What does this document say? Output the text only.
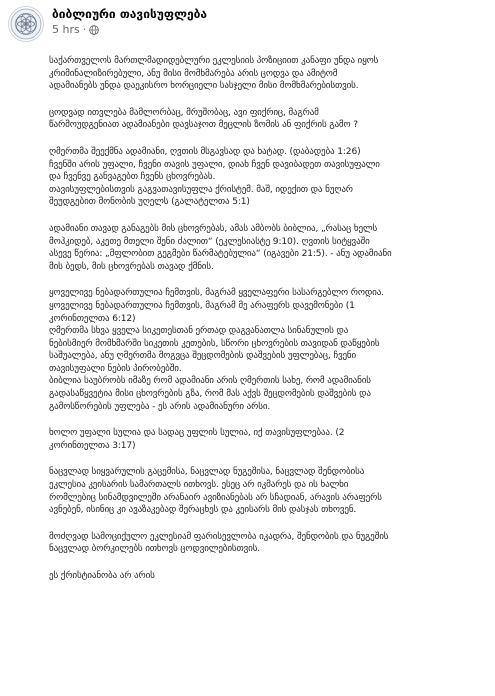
ბიბლიური თავისუფლება
5 hrs ·

საქართველოს მართლმადიდებლური ეკლესიის პოზიციით კანაფი უნდა იყოს
კრიმინალიზირებული, ანუ მისი მომხმარება არის ცოდვა და ამიტომ
ადამიანებს უნდა დაეკისრო ხორციელი სასჯელი მისი მომხმარებისთვის.

ცოდვად ითვლება მამლორბაც, მრუშობაც, ავი ფიქრიც, მაგრამ
წარმოუდგენიათ ადამიანები დავსაჯოთ მეცლის ზომის ან ფიქრის გამო ?

ღმერთმა შეექმნა ადამიანი, ღვთის მსგავსად და ხატად. (დაბადება 1:26)
ჩვენში არის უფალი, ჩვენი თავის უფალი, დიახ ჩვენ დავიბადეთ თავისუფალი
და ჩვენვე განვაგებთ ჩვენს ცხოვრებას.
თავისუფლებისთვის გაგვათავისუფლა ქრისტემ. მაშ, იდექით და ნუღარ
შეუდგებით მონობის უღელს (გალატელთა 5:1)

ადამიანი თავად განაგებს მის ცხოვრებას, ამას ამბობს ბიბლია, „რასაც ხელს
მოჰკიდებ, აკეთე მთელი შენი ძალით“ (ეკლესიასტე 9:10). ღვთის სიტყვაში
ასევე წერია: „მფლობით გეგმები წარმატებულია“ (იგავები 21:5). - ანუ ადამიანი
მის ბედს, მის ცხოვრებას თავად ქმნის.

ყოველივე ნებადართულია ჩემთვის, მაგრამ ყველაფერი სასარგებლო როდია.
ყოველივე ნებადართულია ჩემთვის, მაგრამ მე არაფერს დავემონები (1
კორინთელთა 6:12)
ღმერთმა სხვა ყველა სიკეთესთან ერთად დაგვანათლა სინანულის და
ნებისმიერ მომხმარში სიკეთის კეთების, სწორი ცხოვრების თავიდან დაწყების
საშუალება, ანუ ღმერთმა მოგვცა შეცდომების დაშვების უფლებაც, ჩვენი
თავისუფალი ნების პირობებში.
ბიბლია საუბრობს იმაზე რომ ადამიანი არის ღმერთის სახე, რომ ადამიანის
გადასაწყვეტია მისი ცხოვრების გზა, რომ მას აქვს შეცდომების დაშვების და
გამოსწორების უფლება - ეს არის ადამიანური არსი.

ხოლო უფალი სულია და სადაც უფლის სულია, იქ თავისუფლებაა. (2
კორინთელთა 3:17)

ნაცვლად სიყვარულის გაცემისა, ნაცვლად ნუგეშისა, ნაცვლად შენდობისა
ეკლესია კეისარის სამართალს ითხოვს. ესეც არ იკმარეს და ის ხალხი
რომლებიც სინამდვილეში არანაირ ავიზიანებას არ სჩადიან, არავის არაფერს
ავნებენ, ისინიც კი ავაზაკებად შერაცხეს და კეისარს მის დასჯას თხოვენ.

მოძღვად სამოციქულო ეკლესიამ ფარისევლობა იკადრა, შენდობის და ნუგეშის
ნაცვლად ბორკილებს ითხოვს ცოდვილებისთვის.

ეს ქრისტიანობა არ არის
